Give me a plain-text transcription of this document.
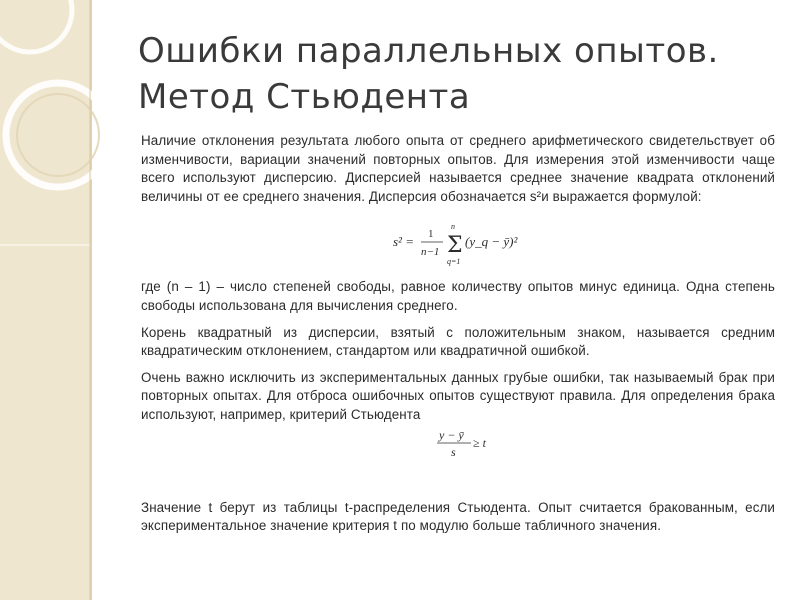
Ошибки параллельных опытов.
Метод Стьюдента

Наличие отклонения результата любого опыта от среднего арифметического свидетельствует об изменчивости, вариации значений повторных опытов. Для измерения этой изменчивости чаще всего используют дисперсию. Дисперсией называется среднее значение квадрата отклонений величины от ее среднего значения. Дисперсия обозначается s²и выражается формулой:

s² = 1
n−1 Σ
n
q=1
(y_q − ȳ)²

где (n – 1) – число степеней свободы, равное количеству опытов минус единица. Одна степень свободы использована для вычисления среднего.

Корень квадратный из дисперсии, взятый с положительным знаком, называется средним квадратическим отклонением, стандартом или квадратичной ошибкой.

Очень важно исключить из экспериментальных данных грубые ошибки, так называемый брак при повторных опытах. Для отброса ошибочных опытов существуют правила. Для определения брака используют, например, критерий Стьюдента

y − ȳ
s
≥ t

Значение t берут из таблицы t-распределения Стьюдента. Опыт считается бракованным, если экспериментальное значение критерия t по модулю больше табличного значения.
